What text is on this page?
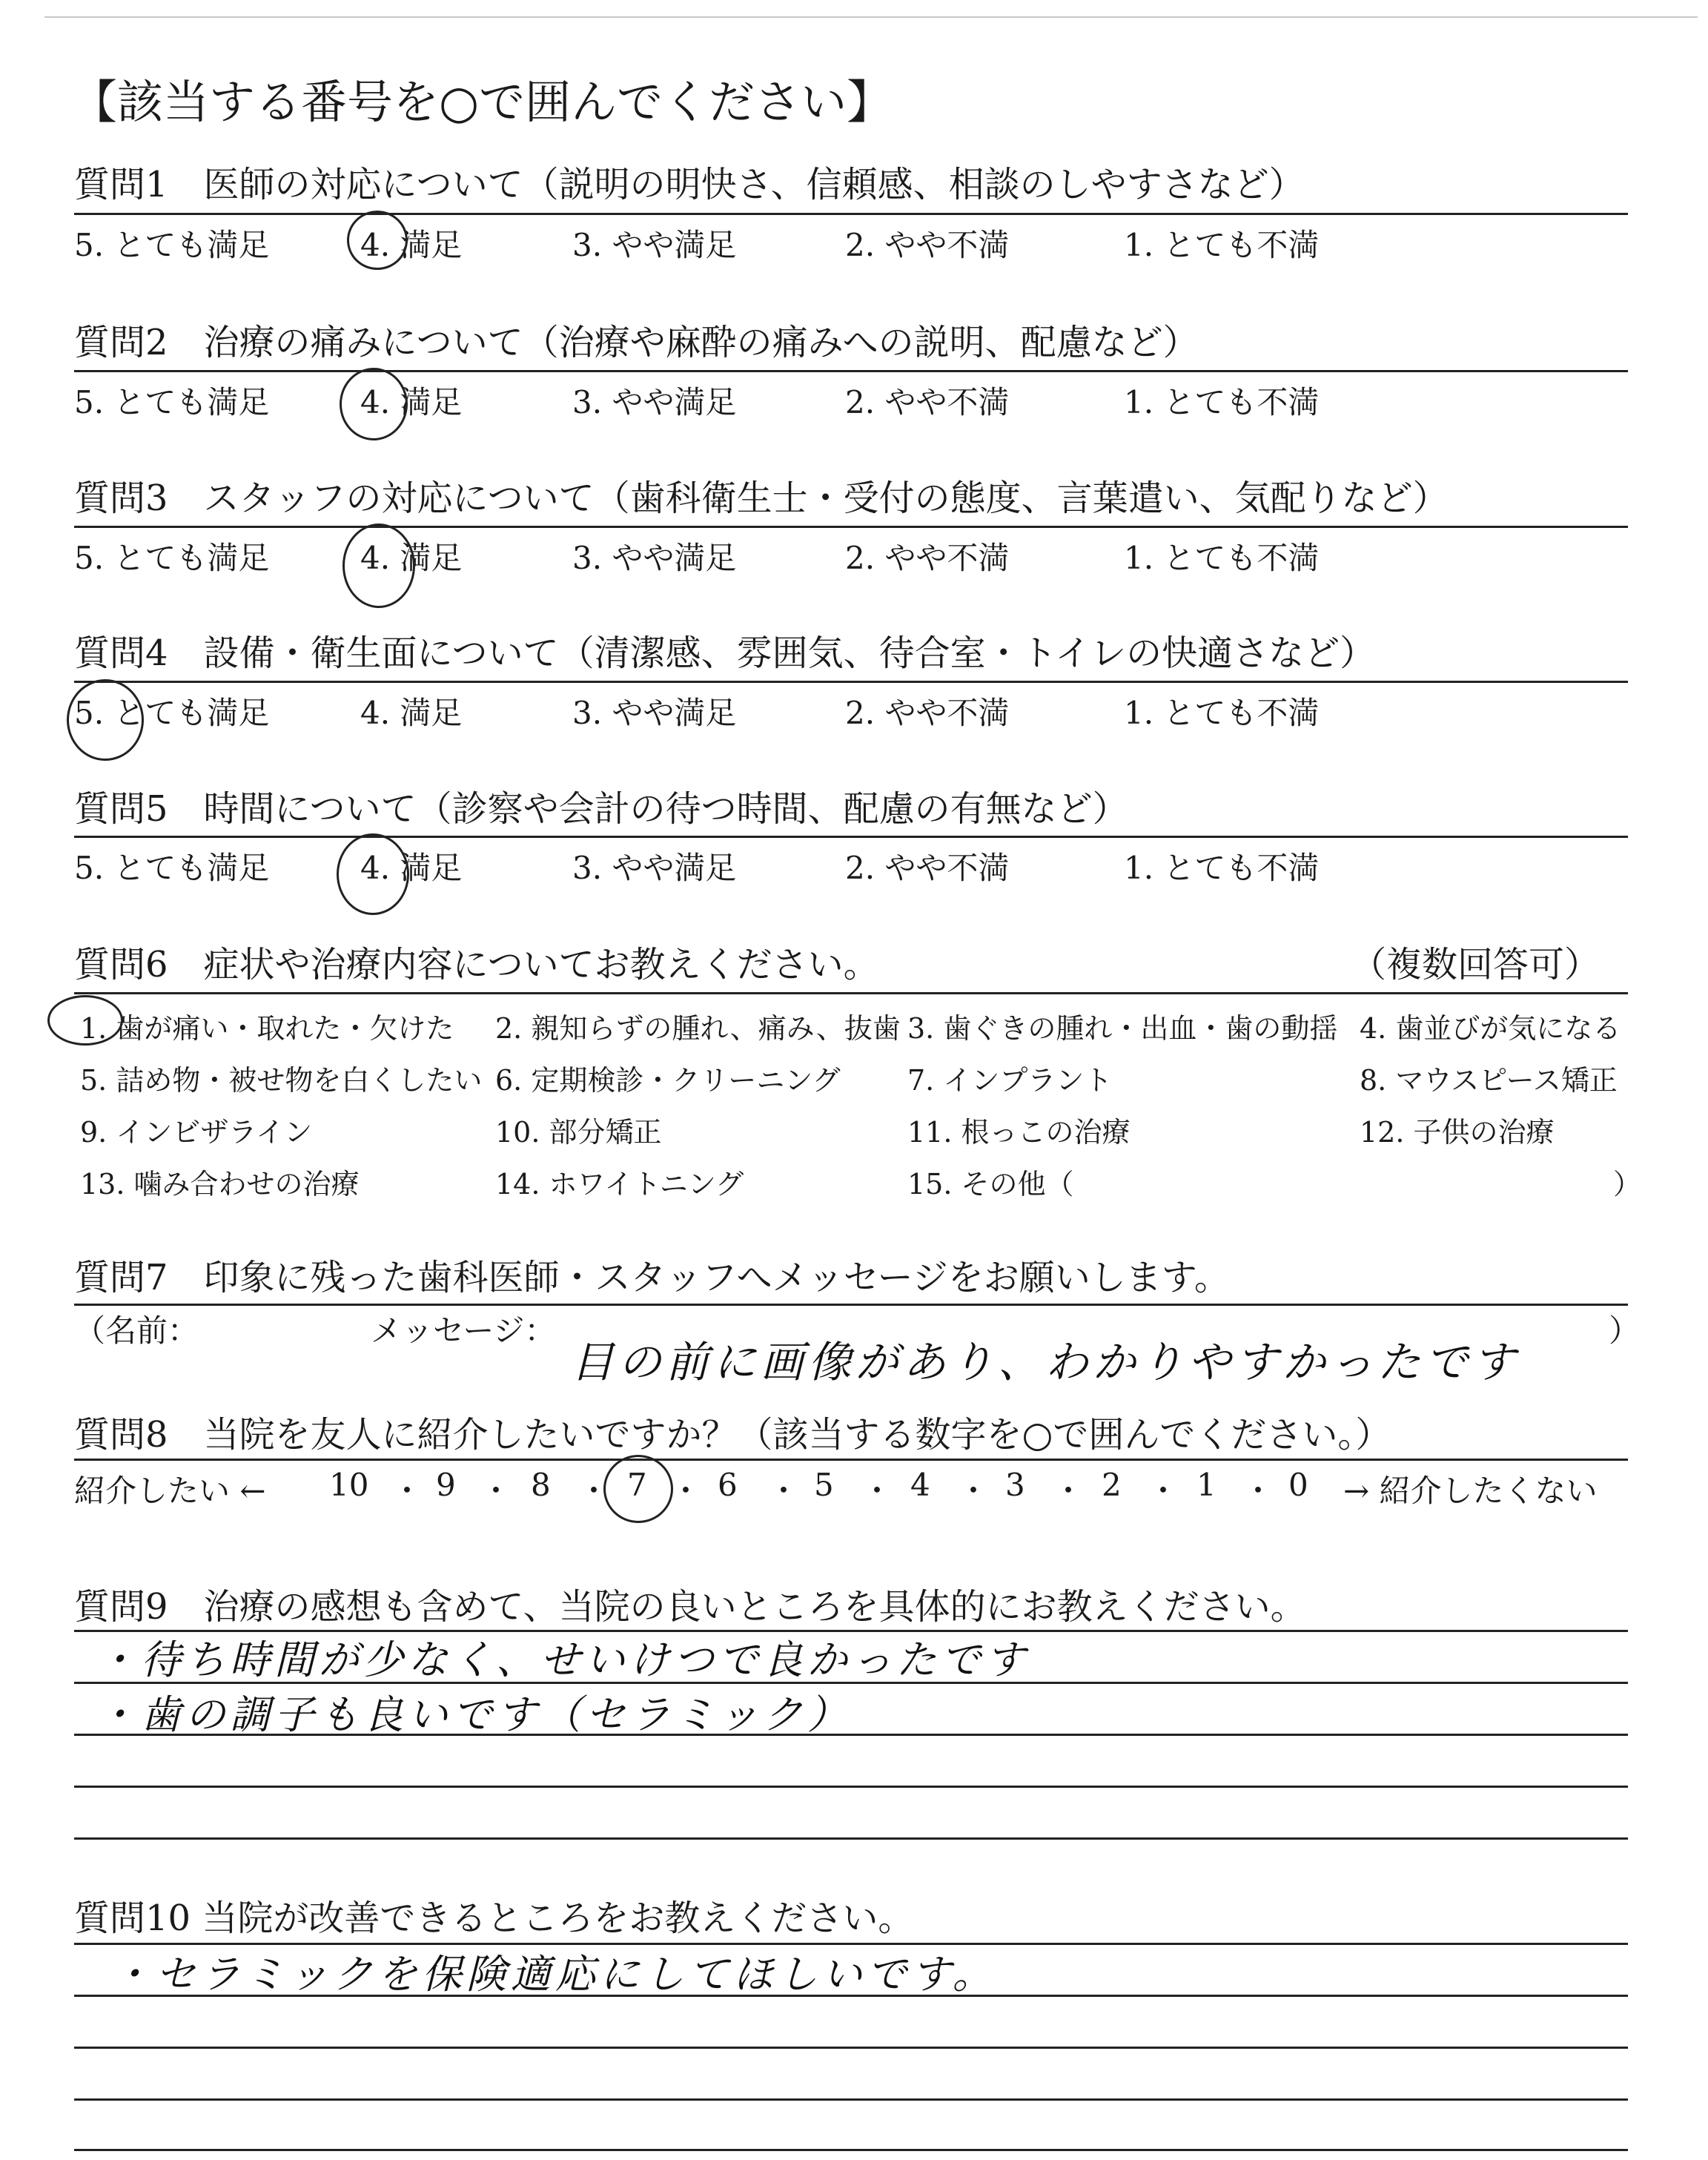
【該当する番号を○で囲んでください】
質問1　医師の対応について（説明の明快さ、信頼感、相談のしやすさなど）
5. とても満足	4. 満足	3. やや満足	2. やや不満	1. とても不満
質問2　治療の痛みについて（治療や麻酔の痛みへの説明、配慮など）
5. とても満足	4. 満足	3. やや満足	2. やや不満	1. とても不満
質問3　スタッフの対応について（歯科衛生士・受付の態度、言葉遣い、気配りなど）
5. とても満足	4. 満足	3. やや満足	2. やや不満	1. とても不満
質問4　設備・衛生面について（清潔感、雰囲気、待合室・トイレの快適さなど）
5. とても満足	4. 満足	3. やや満足	2. やや不満	1. とても不満
質問5　時間について（診察や会計の待つ時間、配慮の有無など）
5. とても満足	4. 満足	3. やや満足	2. やや不満	1. とても不満
質問6　症状や治療内容についてお教えください。	（複数回答可）
1. 歯が痛い・取れた・欠けた 2. 親知らずの腫れ、痛み、抜歯 3. 歯ぐきの腫れ・出血・歯の動揺 4. 歯並びが気になる
5. 詰め物・被せ物を白くしたい 6. 定期検診・クリーニング 7. インプラント	8. マウスピース矯正
9. インビザライン	10. 部分矯正	11. 根っこの治療	12. 子供の治療
13. 噛み合わせの治療	14. ホワイトニング	15. その他（	）
質問7　印象に残った歯科医師・スタッフへメッセージをお願いします。
（名前：	メッセージ：	）
目の前に画像があり、わかりやすかったです
質問8　当院を友人に紹介したいですか？（該当する数字を○で囲んでください。）
紹介したい ←	→ 紹介したくない
10 ・ 9 ・ 8 ・ 7 ・ 6 ・ 5 ・ 4 ・ 3 ・ 2 ・ 1 ・ 0
質問9　治療の感想も含めて、当院の良いところを具体的にお教えください。
・待ち時間が少なく、せいけつで良かったです
・歯の調子も良いです（セラミック）
質問10 当院が改善できるところをお教えください。
・セラミックを保険適応にしてほしいです。
